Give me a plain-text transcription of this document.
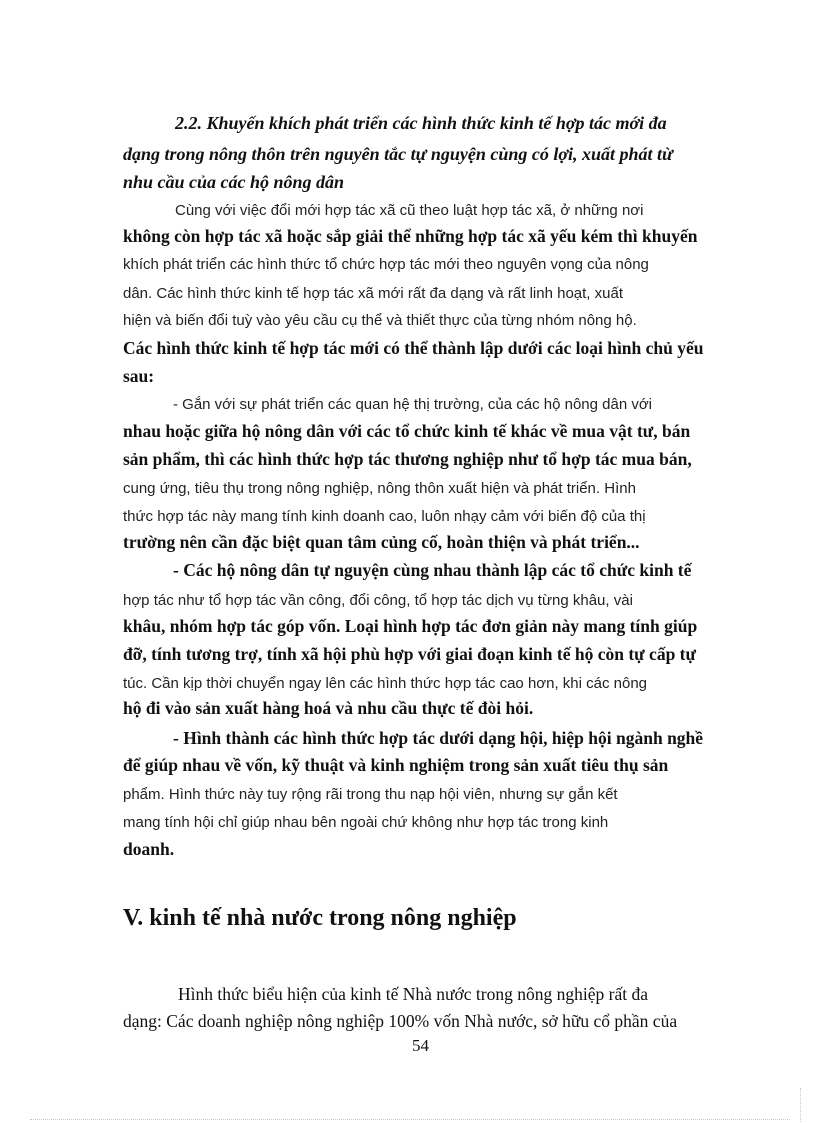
2.2. Khuyến khích phát triển các hình thức kinh tế hợp tác mới đa
dạng trong nông thôn trên nguyên tắc tự nguyện cùng có lợi, xuất phát từ
nhu cầu của các hộ nông dân
Cùng với việc đổi mới hợp tác xã cũ theo luật hợp tác xã, ở những nơi
không còn hợp tác xã hoặc sắp giải thể những hợp tác xã yếu kém thì khuyến
khích phát triển các hình thức tổ chức hợp tác mới theo nguyên vọng của nông
dân. Các hình thức kinh tế hợp tác xã mới rất đa dạng và rất linh hoạt, xuất
hiện và biến đổi tuỳ vào yêu cầu cụ thể và thiết thực của từng nhóm nông hộ.
Các hình thức kinh tế hợp tác mới có thể thành lập dưới các loại hình chủ yếu
sau:
- Gắn với sự phát triển các quan hệ thị trường, của các hộ nông dân với
nhau hoặc giữa hộ nông dân với các tổ chức kinh tế khác về mua vật tư, bán
sản phẩm, thì các hình thức hợp tác thương nghiệp như tổ hợp tác mua bán,
cung ứng, tiêu thụ trong nông nghiệp, nông thôn xuất hiện và phát triển. Hình
thức hợp tác này mang tính kinh doanh cao, luôn nhạy cảm với biến độ của thị
trường nên cần đặc biệt quan tâm củng cố, hoàn thiện và phát triển...
- Các hộ nông dân tự nguyện cùng nhau thành lập các tổ chức kinh tế
hợp tác như tổ hợp tác vần công, đổi công, tổ hợp tác dịch vụ từng khâu, vài
khâu, nhóm hợp tác góp vốn. Loại hình hợp tác đơn giản này mang tính giúp
đỡ, tính tương trợ, tính xã hội phù hợp với giai đoạn kinh tế hộ còn tự cấp tự
túc. Cần kịp thời chuyển ngay lên các hình thức hợp tác cao hơn, khi các nông
hộ đi vào sản xuất hàng hoá và nhu cầu thực tế đòi hỏi.
- Hình thành các hình thức hợp tác dưới dạng hội, hiệp hội ngành nghề
để giúp nhau về vốn, kỹ thuật và kinh nghiệm trong sản xuất tiêu thụ sản
phẩm. Hình thức này tuy rộng rãi trong thu nạp hội viên, nhưng sự gắn kết
mang tính hội chỉ giúp nhau bên ngoài chứ không như hợp tác trong kinh
doanh.
V. kinh tế nhà nước trong nông nghiệp
Hình thức biểu hiện của kinh tế Nhà nước trong nông nghiệp rất đa
dạng: Các doanh nghiệp nông nghiệp 100% vốn Nhà nước, sở hữu cổ phần của
54
